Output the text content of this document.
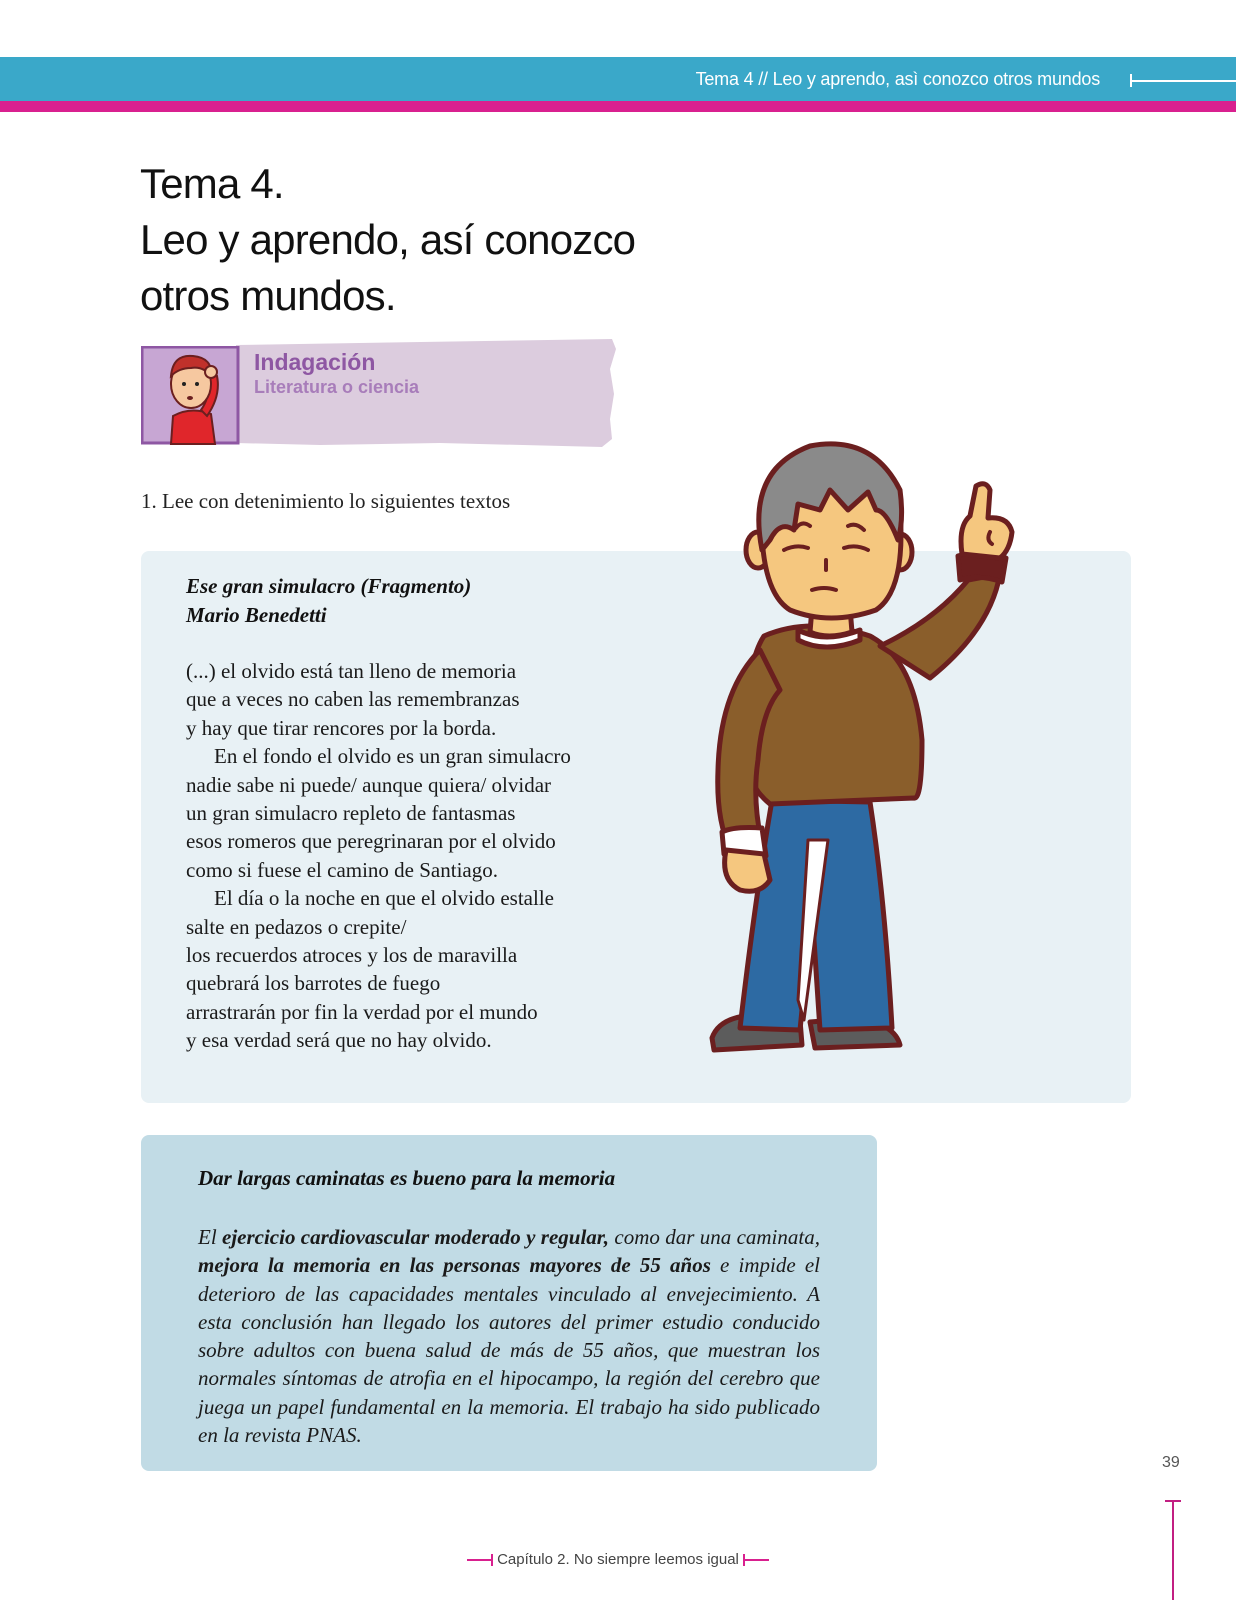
Tema 4 // Leo y aprendo, asì conozco otros mundos
Tema 4.
Leo y aprendo, así conozco
otros mundos.
Indagación
Literatura o ciencia
1. Lee con detenimiento lo siguientes textos
Ese gran simulacro (Fragmento)
Mario Benedetti
(...) el olvido está tan lleno de memoria
que a veces no caben las remembranzas
y hay que tirar rencores por la borda.
En el fondo el olvido es un gran simulacro
nadie sabe ni puede/ aunque quiera/ olvidar
un gran simulacro repleto de fantasmas
esos romeros que peregrinaran por el olvido
como si fuese el camino de Santiago.
El día o la noche en que el olvido estalle
salte en pedazos o crepite/
los recuerdos atroces y los de maravilla
quebrará los barrotes de fuego
arrastrarán por fin la verdad por el mundo
y esa verdad será que no hay olvido.
Dar largas caminatas es bueno para la memoria
El ejercicio cardiovascular moderado y regular, como dar una caminata, mejora la memoria en las personas mayores de 55 años e impide el deterioro de las capacidades mentales vinculado al envejecimiento. A esta conclusión han llegado los autores del primer estudio conducido sobre adultos con buena salud de más de 55 años, que muestran los normales síntomas de atrofia en el hipocampo, la región del cerebro que juega un papel fundamental en la memoria. El trabajo ha sido publicado en la revista PNAS.
39
Capítulo 2. No siempre leemos igual
